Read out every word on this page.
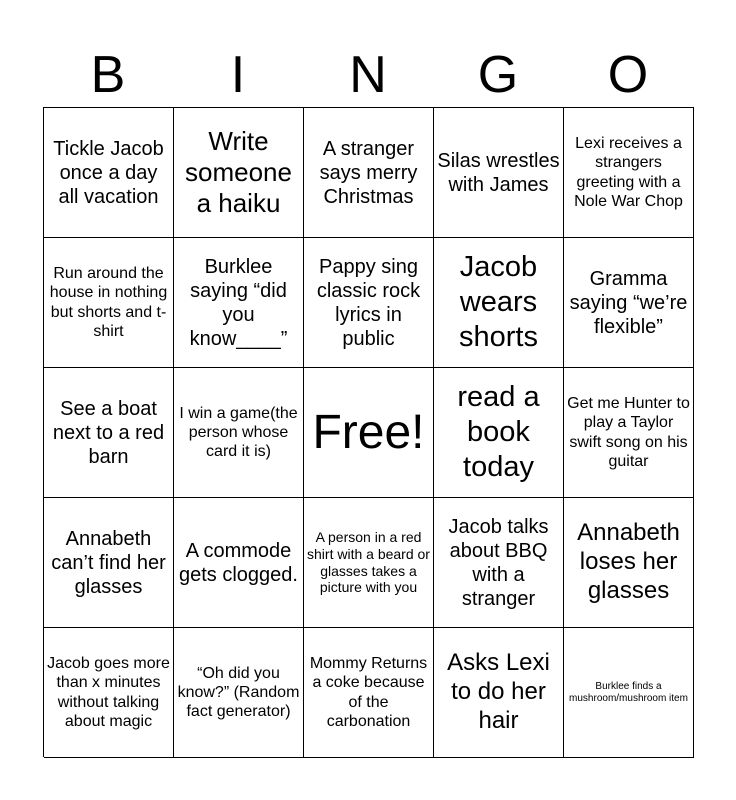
B	I	N	G	O
Tickle Jacob once a day all vacation
Write someone a haiku
A stranger says merry Christmas
Silas wrestles with James
Lexi receives a strangers greeting with a Nole War Chop
Run around the house in nothing but shorts and t-shirt
Burklee saying “did you know____”
Pappy sing classic rock lyrics in public
Jacob wears shorts
Gramma saying “we’re flexible”
See a boat next to a red barn
I win a game(the person whose card it is) Free!
read a book today
Get me Hunter to play a Taylor swift song on his guitar
Annabeth can’t find her glasses
A commode gets clogged.
A person in a red shirt with a beard or glasses takes a picture with you
Jacob talks about BBQ with a stranger
Annabeth loses her glasses
Jacob goes more than x minutes without talking about magic
“Oh did you know?” (Random fact generator)
Mommy Returns a coke because of the carbonation
Asks Lexi to do her hair
Burklee finds a mushroom/mushroom item
